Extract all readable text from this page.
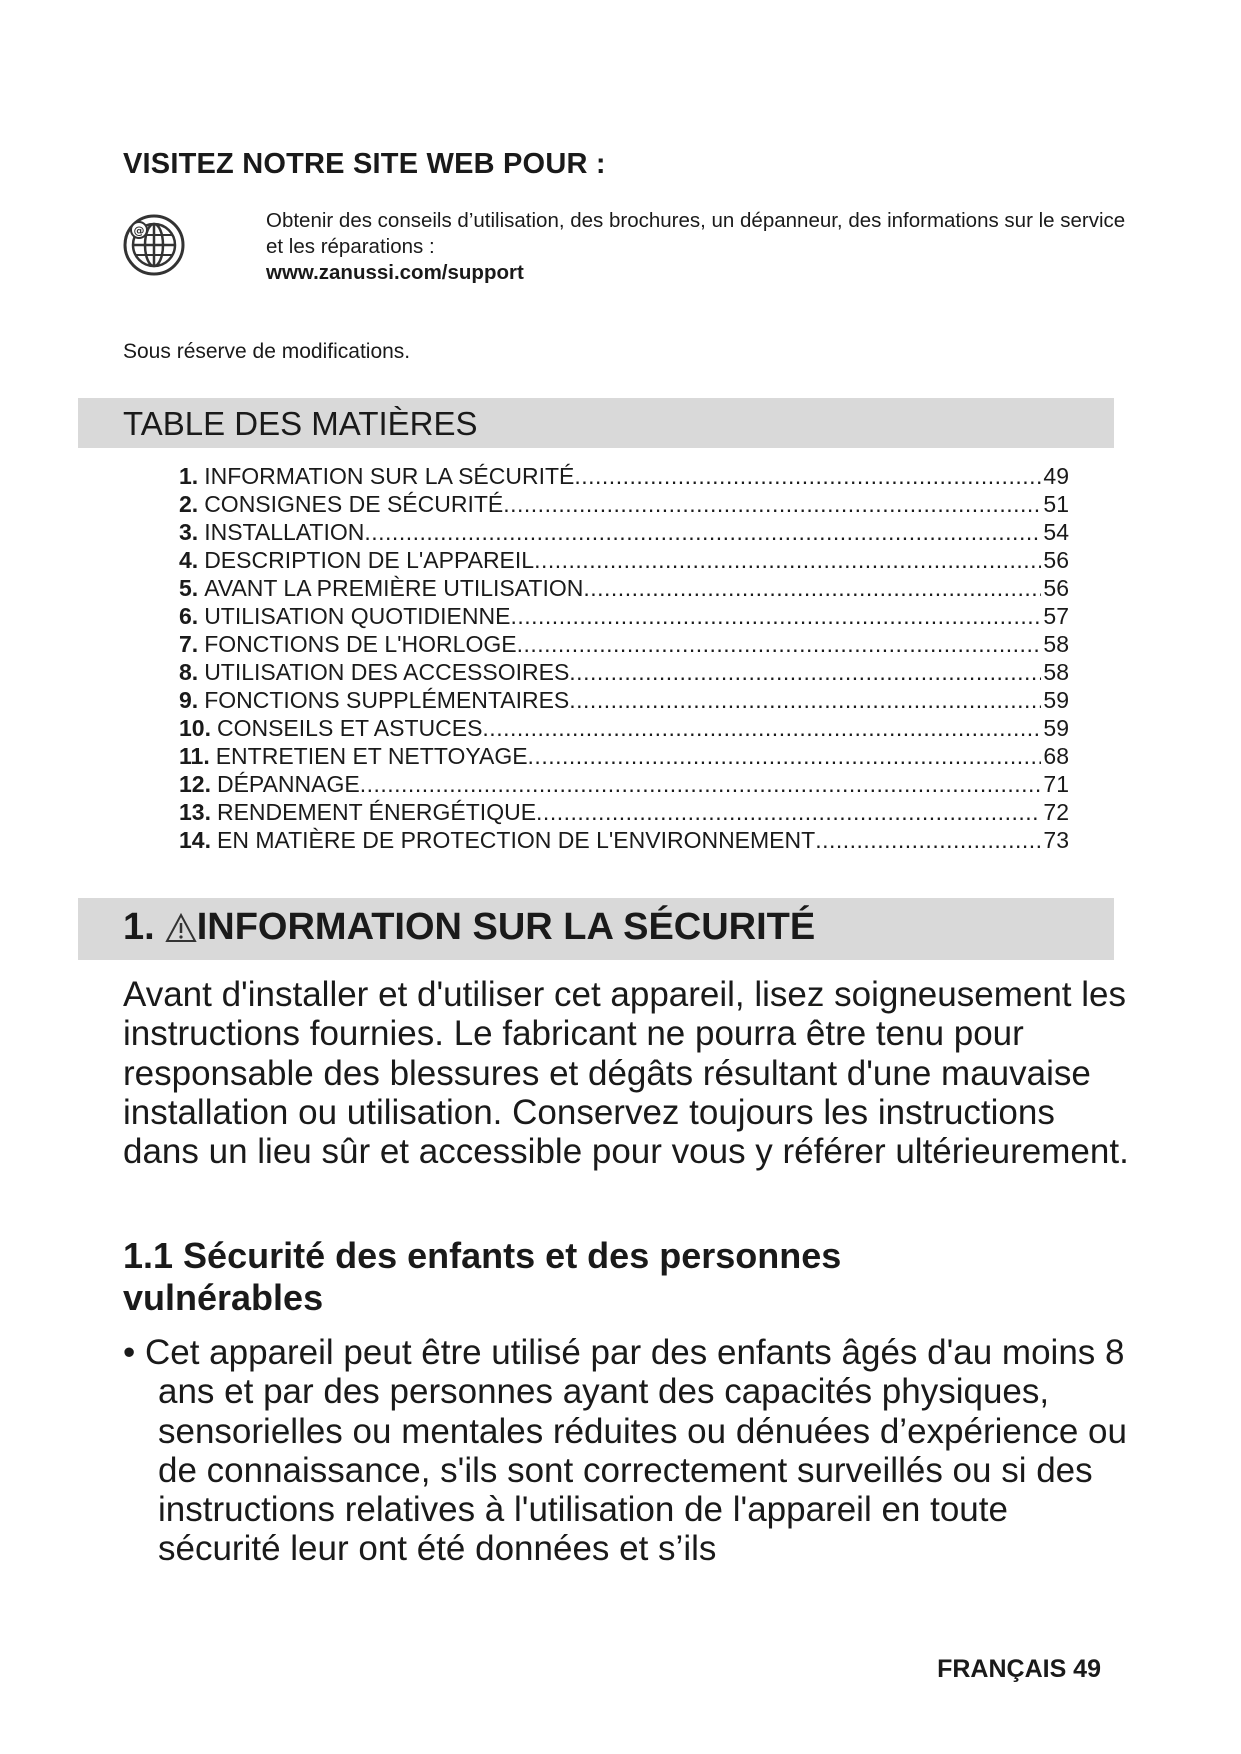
VISITEZ NOTRE SITE WEB POUR :
@	Obtenir des conseils d’utilisation, des brochures, un dépanneur, des informations sur le service et les réparations :
www.zanussi.com/support
Sous réserve de modifications.
TABLE DES MATIÈRES
1. INFORMATION SUR LA SÉCURITÉ .....	49
2. CONSIGNES DE SÉCURITÉ .....	51
3. INSTALLATION .....	54
4. DESCRIPTION DE L'APPAREIL .....	56
5. AVANT LA PREMIÈRE UTILISATION .....	56
6. UTILISATION QUOTIDIENNE .....	57
7. FONCTIONS DE L'HORLOGE .....	58
8. UTILISATION DES ACCESSOIRES .....	58
9. FONCTIONS SUPPLÉMENTAIRES .....	59
10. CONSEILS ET ASTUCES .....	59
11. ENTRETIEN ET NETTOYAGE .....	68
12. DÉPANNAGE .....	71
13. RENDEMENT ÉNERGÉTIQUE .....	72
14. EN MATIÈRE DE PROTECTION DE L'ENVIRONNEMENT .....	73
1. INFORMATION SUR LA SÉCURITÉ
Avant d'installer et d'utiliser cet appareil, lisez soigneusement les instructions fournies. Le fabricant ne pourra être tenu pour responsable des blessures et dégâts résultant d'une mauvaise installation ou utilisation. Conservez toujours les instructions dans un lieu sûr et accessible pour vous y référer ultérieurement.
1.1 Sécurité des enfants et des personnes vulnérables
• Cet appareil peut être utilisé par des enfants âgés d'au moins 8 ans et par des personnes ayant des capacités physiques, sensorielles ou mentales réduites ou dénuées d’expérience ou de connaissance, s'ils sont correctement surveillés ou si des instructions relatives à l'utilisation de l'appareil en toute sécurité leur ont été données et s’ils
FRANÇAIS 49
